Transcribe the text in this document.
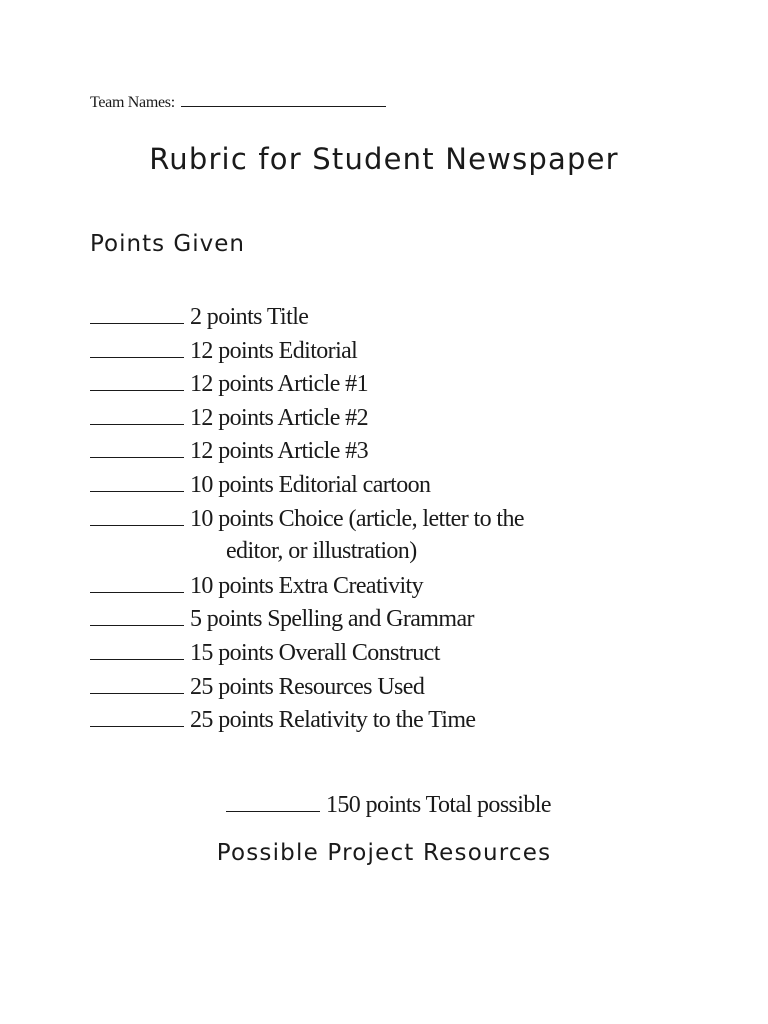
Team Names:
Rubric for Student Newspaper
Points Given
2 points Title
12 points Editorial
12 points Article #1
12 points Article #2
12 points Article #3
10 points Editorial cartoon
10 points Choice (article, letter to the
editor, or illustration)
10 points Extra Creativity
5 points Spelling and Grammar
15 points Overall Construct
25 points Resources Used
25 points Relativity to the Time
150 points Total possible
Possible Project Resources
